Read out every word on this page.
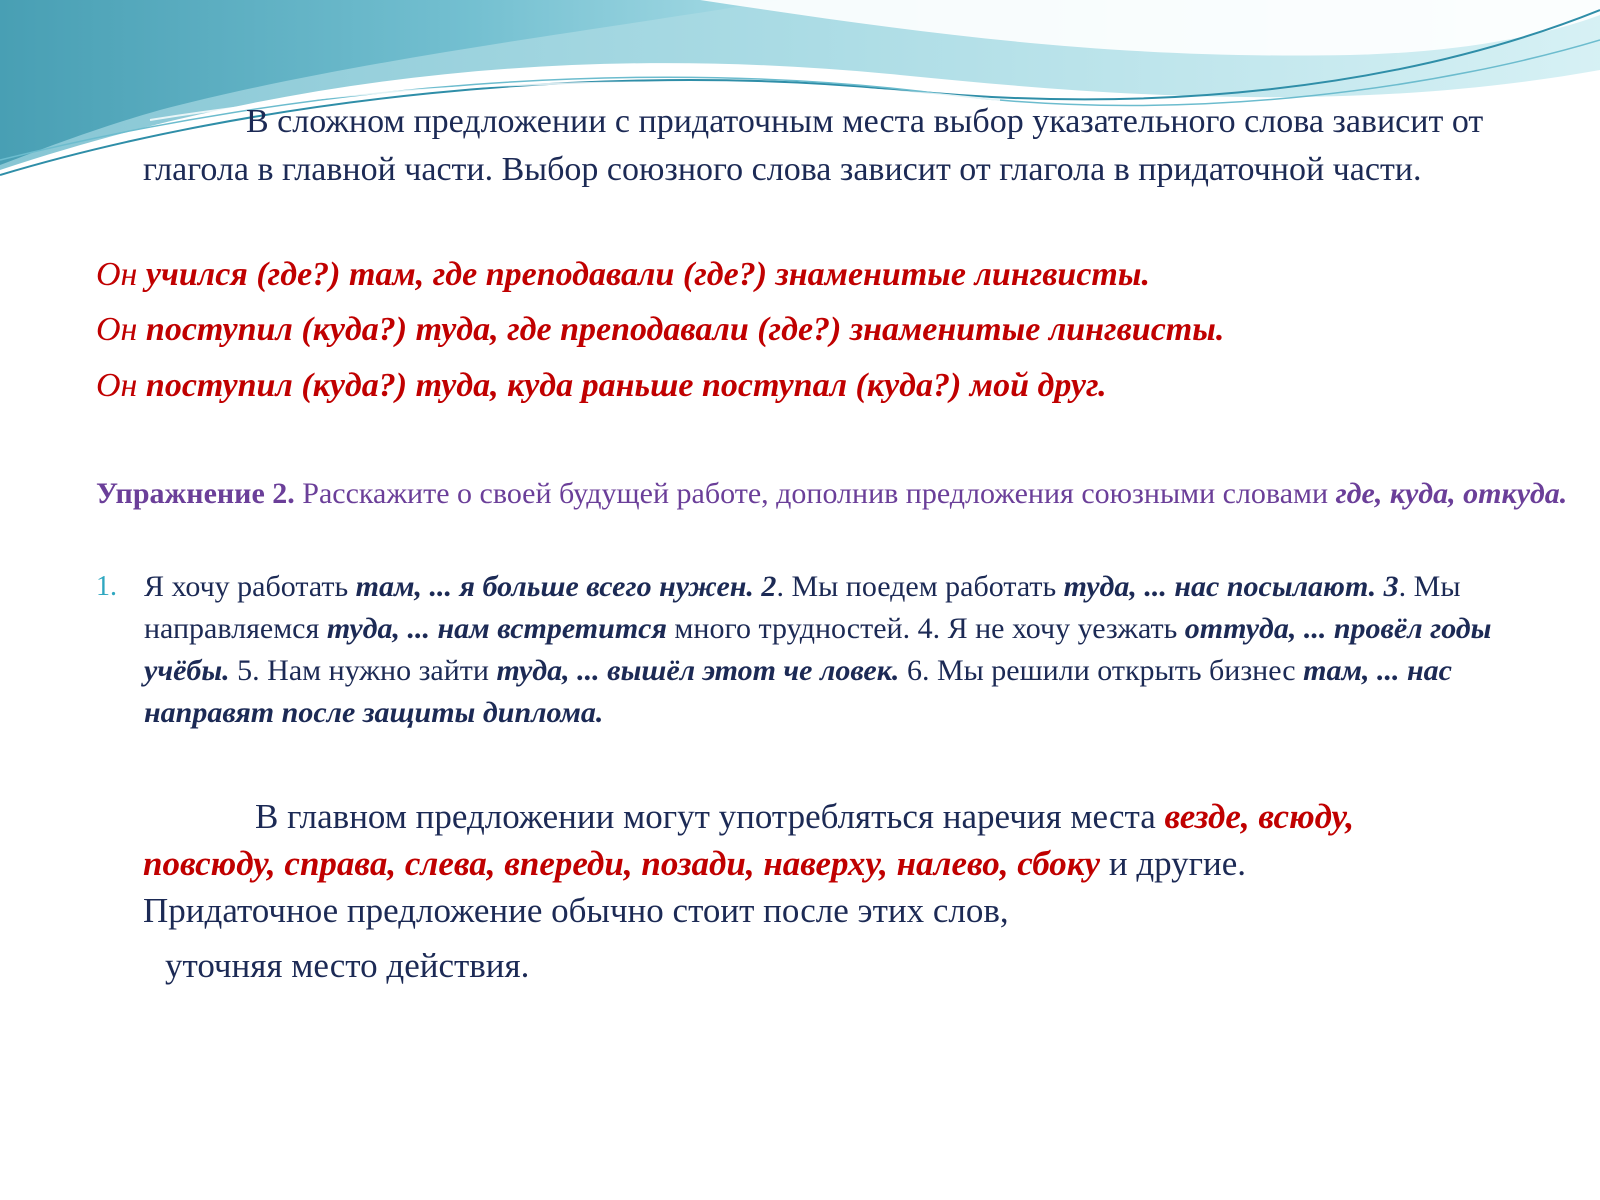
В сложном предложении с придаточным места выбор указательного слова зависит от глагола в главной части. Выбор союзного слова зависит от глагола в придаточной части.

Он учился (где?) там, где преподавали (где?) знаменитые лингвисты.

Он поступил (куда?) туда, где преподавали (где?) знаменитые лингвисты.

Он поступил (куда?) туда, куда раньше поступал (куда?) мой друг.

Упражнение 2. Расскажите о своей будущей работе, дополнив предложения союзными словами где, куда, откуда.

1. Я хочу работать там, ... я больше всего нужен. 2. Мы поедем работать туда, ... нас посылают. 3. Мы направляемся туда, ... нам встретится много трудностей. 4. Я не хочу уезжать оттуда, ... провёл годы учёбы. 5. Нам нужно зайти туда, ... вышёл этот че ловек. 6. Мы решили открыть бизнес там, ... нас направят после защиты диплома.

В главном предложении могут употребляться наречия места везде, всюду, повсюду, справа, слева, впереди, позади, наверху, налево, сбоку и другие. Придаточное предложение обычно стоит после этих слов,
уточняя место действия.
